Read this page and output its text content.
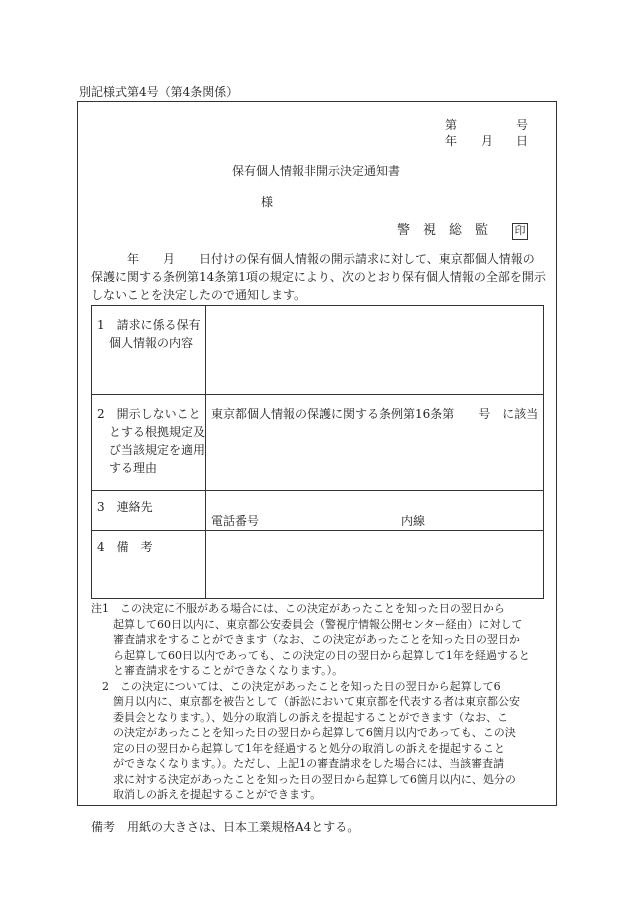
別記様式第4号（第4条関係）
第	号
年 月 日
保有個人情報非開示決定通知書
様
警　視　総　監 印
　　　年　　月　　日付けの保有個人情報の開示請求に対して、東京都個人情報の
保護に関する条例第14条第1項の規定により、次のとおり保有個人情報の全部を開示
しないことを決定したので通知します。
1　請求に係る保有
　個人情報の内容
2　開示しないこと
　とする根拠規定及
　び当該規定を適用
　する理由
東京都個人情報の保護に関する条例第16条第　　号　に該当
3　連絡先
電話番号	内線
4　備　考
注1　この決定に不服がある場合には、この決定があったことを知った日の翌日から
　　起算して60日以内に、東京都公安委員会（警視庁情報公開センター経由）に対して
　　審査請求をすることができます（なお、この決定があったことを知った日の翌日か
　　ら起算して60日以内であっても、この決定の日の翌日から起算して1年を経過すると
　　と審査請求をすることができなくなります。）。
　2　この決定については、この決定があったことを知った日の翌日から起算して6
　　箇月以内に、東京都を被告として（訴訟において東京都を代表する者は東京都公安
　　委員会となります。）、処分の取消しの訴えを提起することができます（なお、こ
　　の決定があったことを知った日の翌日から起算して6箇月以内であっても、この決
　　定の日の翌日から起算して1年を経過すると処分の取消しの訴えを提起すること
　　ができなくなります。）。ただし、上記1の審査請求をした場合には、当該審査請
　　求に対する決定があったことを知った日の翌日から起算して6箇月以内に、処分の
　　取消しの訴えを提起することができます。
備考　用紙の大きさは、日本工業規格A4とする。
